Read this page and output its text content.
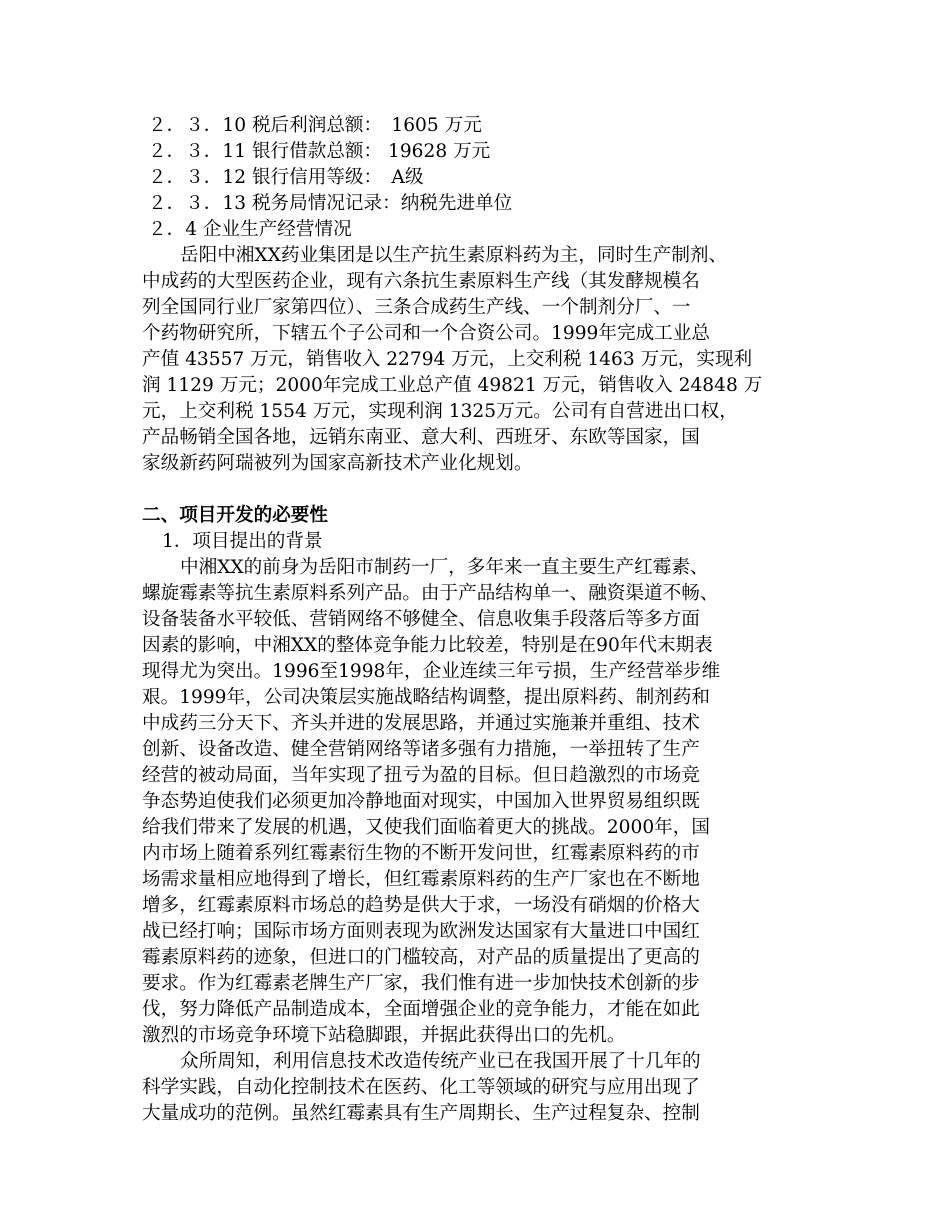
２．３．10 税后利润总额：　1605 万元
２．３．11 银行借款总额： 19628 万元
２．３．12 银行信用等级：　A级
２．３．13 税务局情况记录：纳税先进单位
２．4 企业生产经营情况
岳阳中湘XX药业集团是以生产抗生素原料药为主，同时生产制剂、
中成药的大型医药企业，现有六条抗生素原料生产线（其发酵规模名
列全国同行业厂家第四位）、三条合成药生产线、一个制剂分厂、一
个药物研究所，下辖五个子公司和一个合资公司。1999年完成工业总
产值 43557 万元，销售收入 22794 万元，上交利税 1463 万元，实现利
润 1129 万元；2000年完成工业总产值 49821 万元，销售收入 24848 万
元，上交利税 1554 万元，实现利润 1325万元。公司有自营进出口权，
产品畅销全国各地，远销东南亚、意大利、西班牙、东欧等国家，国
家级新药阿瑞被列为国家高新技术产业化规划。
二、项目开发的必要性
1．项目提出的背景
中湘XX的前身为岳阳市制药一厂，多年来一直主要生产红霉素、
螺旋霉素等抗生素原料系列产品。由于产品结构单一、融资渠道不畅、
设备装备水平较低、营销网络不够健全、信息收集手段落后等多方面
因素的影响，中湘XX的整体竞争能力比较差，特别是在90年代末期表
现得尤为突出。1996至1998年，企业连续三年亏损，生产经营举步维
艰。1999年，公司决策层实施战略结构调整，提出原料药、制剂药和
中成药三分天下、齐头并进的发展思路，并通过实施兼并重组、技术
创新、设备改造、健全营销网络等诸多强有力措施，一举扭转了生产
经营的被动局面，当年实现了扭亏为盈的目标。但日趋激烈的市场竞
争态势迫使我们必须更加冷静地面对现实，中国加入世界贸易组织既
给我们带来了发展的机遇，又使我们面临着更大的挑战。2000年，国
内市场上随着系列红霉素衍生物的不断开发问世，红霉素原料药的市
场需求量相应地得到了增长，但红霉素原料药的生产厂家也在不断地
增多，红霉素原料市场总的趋势是供大于求，一场没有硝烟的价格大
战已经打响；国际市场方面则表现为欧洲发达国家有大量进口中国红
霉素原料药的迹象，但进口的门槛较高，对产品的质量提出了更高的
要求。作为红霉素老牌生产厂家，我们惟有进一步加快技术创新的步
伐，努力降低产品制造成本，全面增强企业的竞争能力，才能在如此
激烈的市场竞争环境下站稳脚跟，并据此获得出口的先机。
众所周知，利用信息技术改造传统产业已在我国开展了十几年的
科学实践，自动化控制技术在医药、化工等领域的研究与应用出现了
大量成功的范例。虽然红霉素具有生产周期长、生产过程复杂、控制
